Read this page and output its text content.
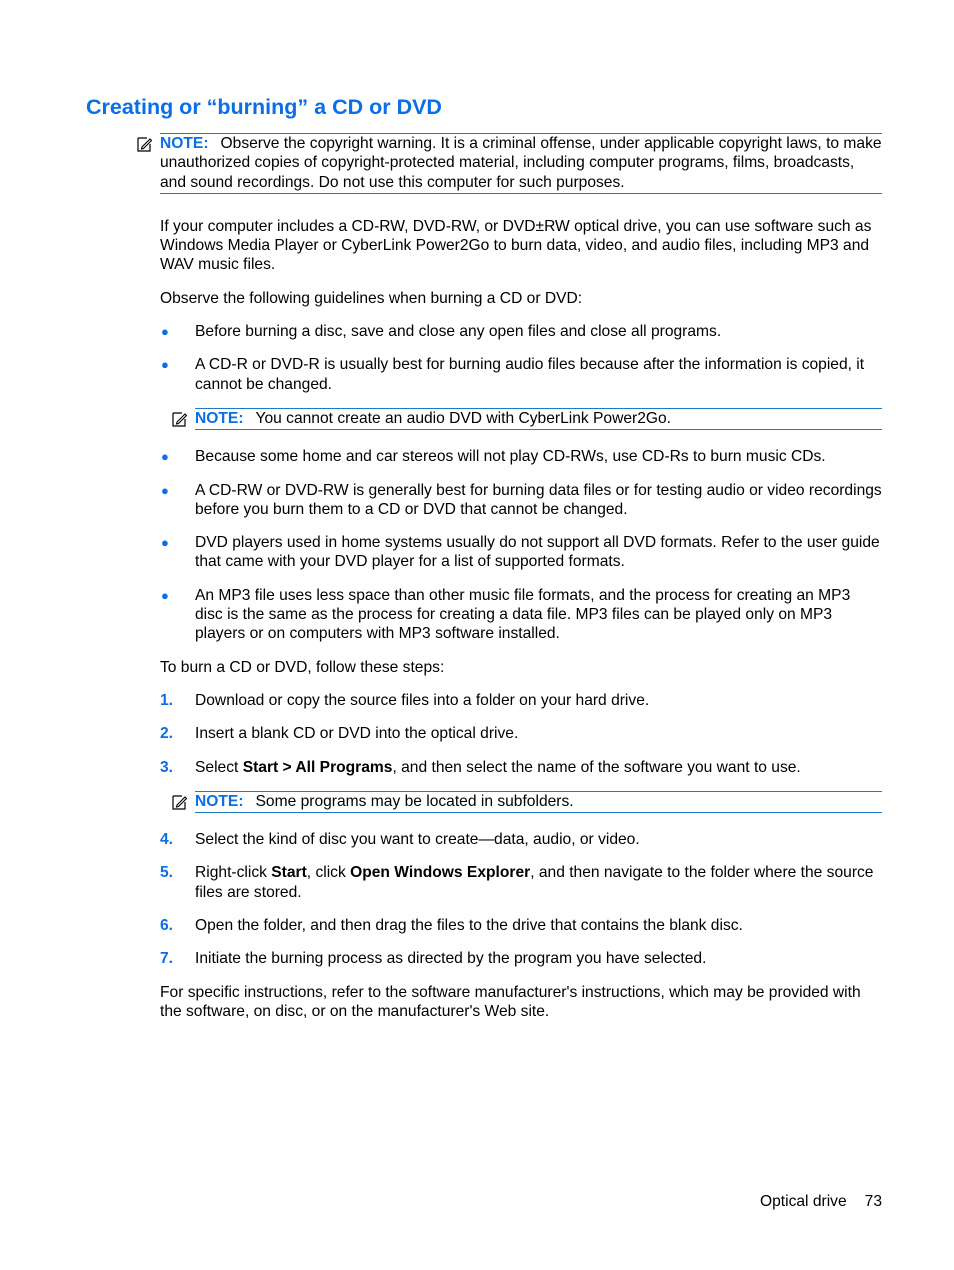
Creating or “burning” a CD or DVD
NOTE: Observe the copyright warning. It is a criminal offense, under applicable copyright laws, to make unauthorized copies of copyright-protected material, including computer programs, films, broadcasts, and sound recordings. Do not use this computer for such purposes.

If your computer includes a CD-RW, DVD-RW, or DVD±RW optical drive, you can use software such as Windows Media Player or CyberLink Power2Go to burn data, video, and audio files, including MP3 and WAV music files.

Observe the following guidelines when burning a CD or DVD:

● Before burning a disc, save and close any open files and close all programs.
● A CD-R or DVD-R is usually best for burning audio files because after the information is copied, it cannot be changed.
NOTE: You cannot create an audio DVD with CyberLink Power2Go.
● Because some home and car stereos will not play CD-RWs, use CD-Rs to burn music CDs.
● A CD-RW or DVD-RW is generally best for burning data files or for testing audio or video recordings before you burn them to a CD or DVD that cannot be changed.
● DVD players used in home systems usually do not support all DVD formats. Refer to the user guide that came with your DVD player for a list of supported formats.
● An MP3 file uses less space than other music file formats, and the process for creating an MP3 disc is the same as the process for creating a data file. MP3 files can be played only on MP3 players or on computers with MP3 software installed.

To burn a CD or DVD, follow these steps:

1. Download or copy the source files into a folder on your hard drive.
2. Insert a blank CD or DVD into the optical drive.
3. Select Start > All Programs, and then select the name of the software you want to use.
NOTE: Some programs may be located in subfolders.
4. Select the kind of disc you want to create—data, audio, or video.
5. Right-click Start, click Open Windows Explorer, and then navigate to the folder where the source files are stored.
6. Open the folder, and then drag the files to the drive that contains the blank disc.
7. Initiate the burning process as directed by the program you have selected.

For specific instructions, refer to the software manufacturer's instructions, which may be provided with the software, on disc, or on the manufacturer's Web site.

Optical drive 73
